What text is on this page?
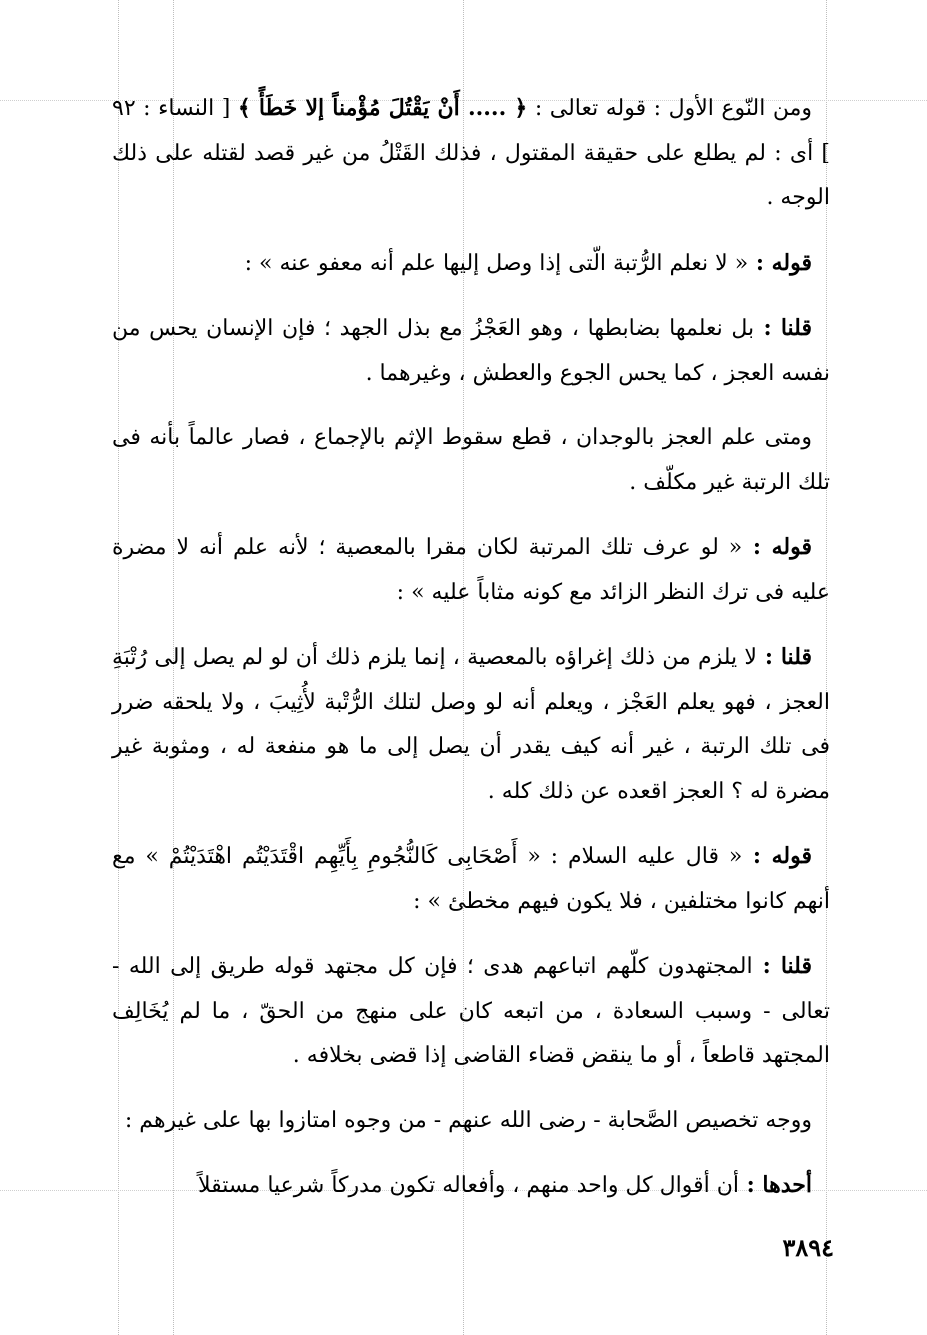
ومن النّوع الأول : قوله تعالى : ﴿ ..... أَنْ يَقْتُلَ مُؤْمناً إلا خَطَأً ﴾ [ النساء : ٩٢ ] أى : لم يطلع على حقيقة المقتول ، فذلك القَتْلُ من غير قصد لقتله على ذلك الوجه .

قوله : « لا نعلم الرُّتبة الّتى إذا وصل إليها علم أنه معفو عنه » :

قلنا : بل نعلمها بضابطها ، وهو العَجْزُ مع بذل الجهد ؛ فإن الإنسان يحس من نفسه العجز ، كما يحس الجوع والعطش ، وغيرهما .

ومتى علم العجز بالوجدان ، قطع سقوط الإثم بالإجماع ، فصار عالماً بأنه فى تلك الرتبة غير مكلّف .

قوله : « لو عرف تلك المرتبة لكان مقرا بالمعصية ؛ لأنه علم أنه لا مضرة عليه فى ترك النظر الزائد مع كونه مثاباً عليه » :

قلنا : لا يلزم من ذلك إغراؤه بالمعصية ، إنما يلزم ذلك أن لو لم يصل إلى رُتْبَةِ العجز ، فهو يعلم العَجْز ، ويعلم أنه لو وصل لتلك الرُّتْبة لأُثِيبَ ، ولا يلحقه ضرر فى تلك الرتبة ، غير أنه كيف يقدر أن يصل إلى ما هو منفعة له ، ومثوبة غير مضرة له ؟ العجز اقعده عن ذلك كله .

قوله : « قال عليه السلام : « أَصْحَابِى كَالنُّجُومِ بِأَيِّهِم اقْتَدَيْتُم اهْتَدَيْتُمْ » مع أنهم كانوا مختلفين ، فلا يكون فيهم مخطئ » :

قلنا : المجتهدون كلّهم اتباعهم هدى ؛ فإن كل مجتهد قوله طريق إلى الله - تعالى - وسبب السعادة ، من اتبعه كان على منهج من الحقّ ، ما لم يُخَالِف المجتهد قاطعاً ، أو ما ينقض قضاء القاضى إذا قضى بخلافه .

ووجه تخصيص الصَّحابة - رضى الله عنهم - من وجوه امتازوا بها على غيرهم :

أحدها : أن أقوال كل واحد منهم ، وأفعاله تكون مدركاً شرعيا مستقلاً

٣٨٩٤
